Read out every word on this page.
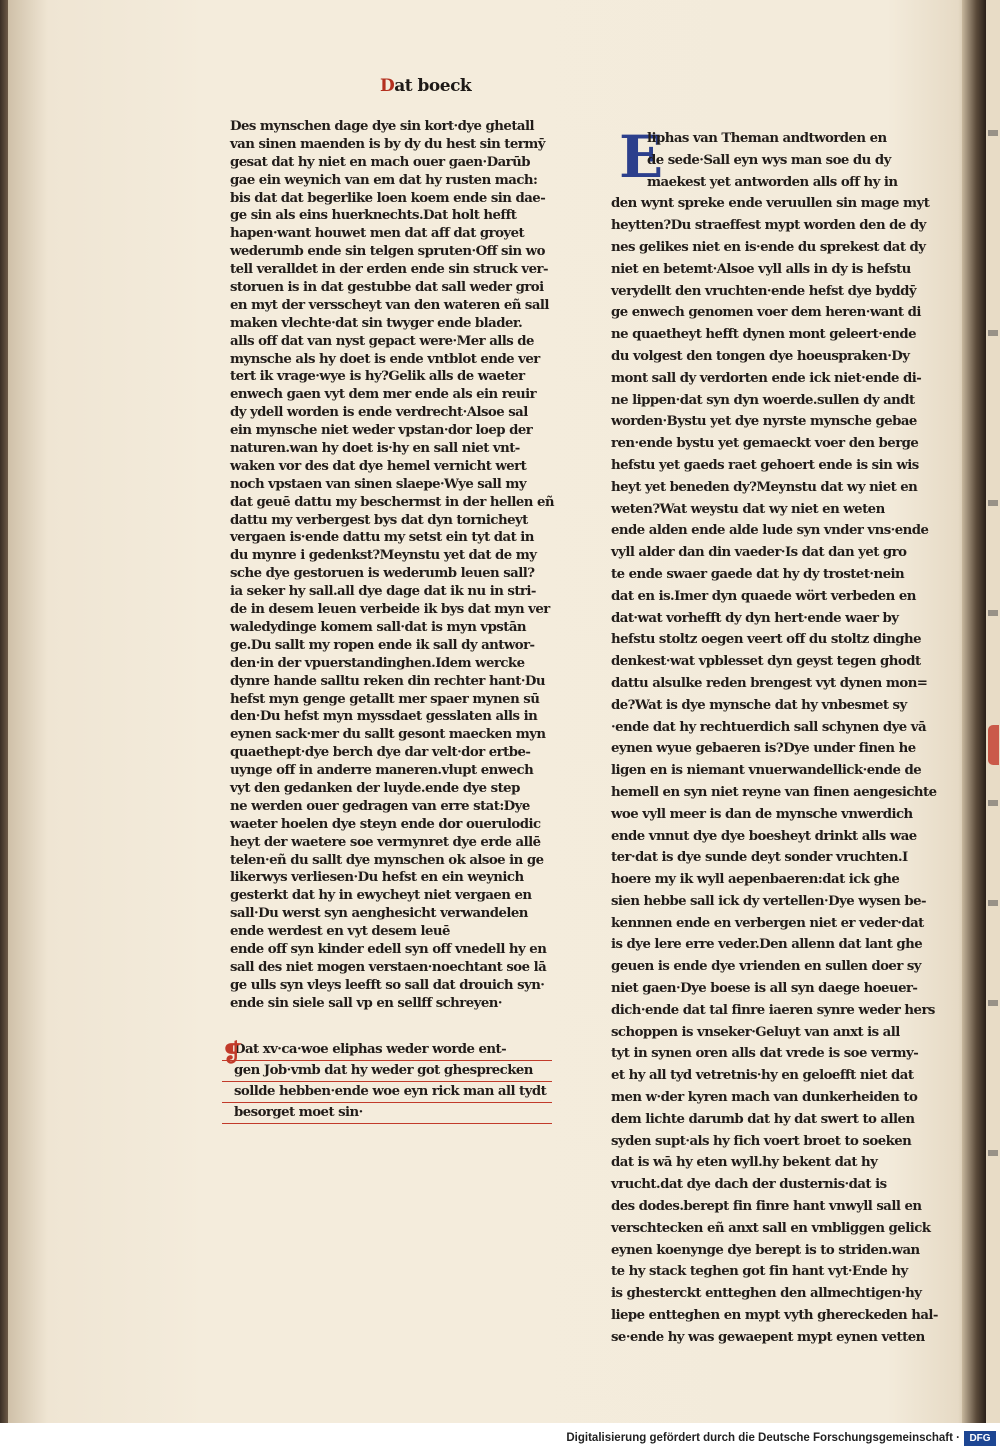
Dat boeck
Des mynschen dage dye sin kort·dye ghetall
van sinen maenden is by dy du hest sin termȳ
gesat dat hy niet en mach ouer gaen·Darūb
gae ein weynich van em dat hy rusten mach:
bis dat dat begerlike loen koem ende sin dae-
ge sin als eins huerknechts.Dat holt hefft
hapen·want houwet men dat aff dat groyet
wederumb ende sin telgen spruten·Off sin wo
tell veralldet in der erden ende sin struck ver-
storuen is in dat gestubbe dat sall weder groi
en myt der versscheyt van den wateren eñ sall
maken vlechte·dat sin twyger ende blader.
alls off dat van nyst gepact were·Mer alls de
mynsche als hy doet is ende vntblot ende ver
tert ik vrage·wye is hy?Gelik alls de waeter
enwech gaen vyt dem mer ende als ein reuir
dy ydell worden is ende verdrecht·Alsoe sal
ein mynsche niet weder vpstan·dor loep der
naturen.wan hy doet is·hy en sall niet vnt-
waken vor des dat dye hemel vernicht wert
noch vpstaen van sinen slaepe·Wye sall my
dat geuē dattu my beschermst in der hellen eñ
dattu my verbergest bys dat dyn tornicheyt
vergaen is·ende dattu my setst ein tyt dat in
du mynre i gedenkst?Meynstu yet dat de my
sche dye gestoruen is wederumb leuen sall?
ia seker hy sall.all dye dage dat ik nu in stri-
de in desem leuen verbeide ik bys dat myn ver
waledydinge komem sall·dat is myn vpstān
ge.Du sallt my ropen ende ik sall dy antwor-
den·in der vpuerstandinghen.Idem wercke
dynre hande salltu reken din rechter hant·Du
hefst myn genge getallt mer spaer mynen sū
den·Du hefst myn myssdaet gesslaten alls in
eynen sack·mer du sallt gesont maecken myn
quaethept·dye berch dye dar velt·dor ertbe-
uynge off in anderre maneren.vlupt enwech
vyt den gedanken der luyde.ende dye step
ne werden ouer gedragen van erre stat:Dye
waeter hoelen dye steyn ende dor ouerulodic
heyt der waetere soe vermynret dye erde allē
telen·eñ du sallt dye mynschen ok alsoe in ge
likerwys verliesen·Du hefst en ein weynich
gesterkt dat hy in ewycheyt niet vergaen en
sall·Du werst syn aenghesicht verwandelen
ende werdest en vyt desem leuē
ende off syn kinder edell syn off vnedell hy en
sall des niet mogen verstaen·noechtant soe lā
ge ulls syn vleys leefft so sall dat drouich syn·
ende sin siele sall vp en sellff schreyen·
❡
Dat xv·ca·woe eliphas weder worde ent-
gen Job·vmb dat hy weder got ghesprecken
sollde hebben·ende woe eyn rick man all tydt
besorget moet sin·
E
liphas van Theman andtworden en
de sede·Sall eyn wys man soe du dy
maekest yet antworden alls off hy in
den wynt spreke ende veruullen sin mage myt
heytten?Du straeffest mypt worden den de dy
nes gelikes niet en is·ende du sprekest dat dy
niet en betemt·Alsoe vyll alls in dy is hefstu
verydellt den vruchten·ende hefst dye byddȳ
ge enwech genomen voer dem heren·want di
ne quaetheyt hefft dynen mont geleert·ende
du volgest den tongen dye hoeuspraken·Dy
mont sall dy verdorten ende ick niet·ende di-
ne lippen·dat syn dyn woerde.sullen dy andt
worden·Bystu yet dye nyrste mynsche gebae
ren·ende bystu yet gemaeckt voer den berge
hefstu yet gaeds raet gehoert ende is sin wis
heyt yet beneden dy?Meynstu dat wy niet en
weten?Wat weystu dat wy niet en weten
ende alden ende alde lude syn vnder vns·ende
vyll alder dan din vaeder·Is dat dan yet gro
te ende swaer gaede dat hy dy trostet·nein
dat en is.Imer dyn quaede wört verbeden en
dat·wat vorhefft dy dyn hert·ende waer by
hefstu stoltz oegen veert off du stoltz dinghe
denkest·wat vpblesset dyn geyst tegen ghodt
dattu alsulke reden brengest vyt dynen mon=
de?Wat is dye mynsche dat hy vnbesmet sy
·ende dat hy rechtuerdich sall schynen dye vā
eynen wyue gebaeren is?Dye under finen he
ligen en is niemant vnuerwandellick·ende de
hemell en syn niet reyne van finen aengesichte
woe vyll meer is dan de mynsche vnwerdich
ende vnnut dye dye boesheyt drinkt alls wae
ter·dat is dye sunde deyt sonder vruchten.I
hoere my ik wyll aepenbaeren:dat ick ghe
sien hebbe sall ick dy vertellen·Dye wysen be-
kennnen ende en verbergen niet er veder·dat
is dye lere erre veder.Den allenn dat lant ghe
geuen is ende dye vrienden en sullen doer sy
niet gaen·Dye boese is all syn daege hoeuer-
dich·ende dat tal finre iaeren synre weder hers
schoppen is vnseker·Geluyt van anxt is all
tyt in synen oren alls dat vrede is soe vermy-
et hy all tyd vetretnis·hy en geloefft niet dat
men w·der kyren mach van dunkerheiden to
dem lichte darumb dat hy dat swert to allen
syden supt·als hy fich voert broet to soeken
dat is wā hy eten wyll.hy bekent dat hy
vrucht.dat dye dach der dusternis·dat is
des dodes.berept fin finre hant vnwyll sall en
verschtecken eñ anxt sall en vmbliggen gelick
eynen koenynge dye berept is to striden.wan
te hy stack teghen got fin hant vyt·Ende hy
is ghesterckt entteghen den allmechtigen·hy
liepe entteghen en mypt vyth ghereckeden hal-
se·ende hy was gewaepent mypt eynen vetten
Digitalisierung gefördert durch die Deutsche Forschungsgemeinschaft · DFG
